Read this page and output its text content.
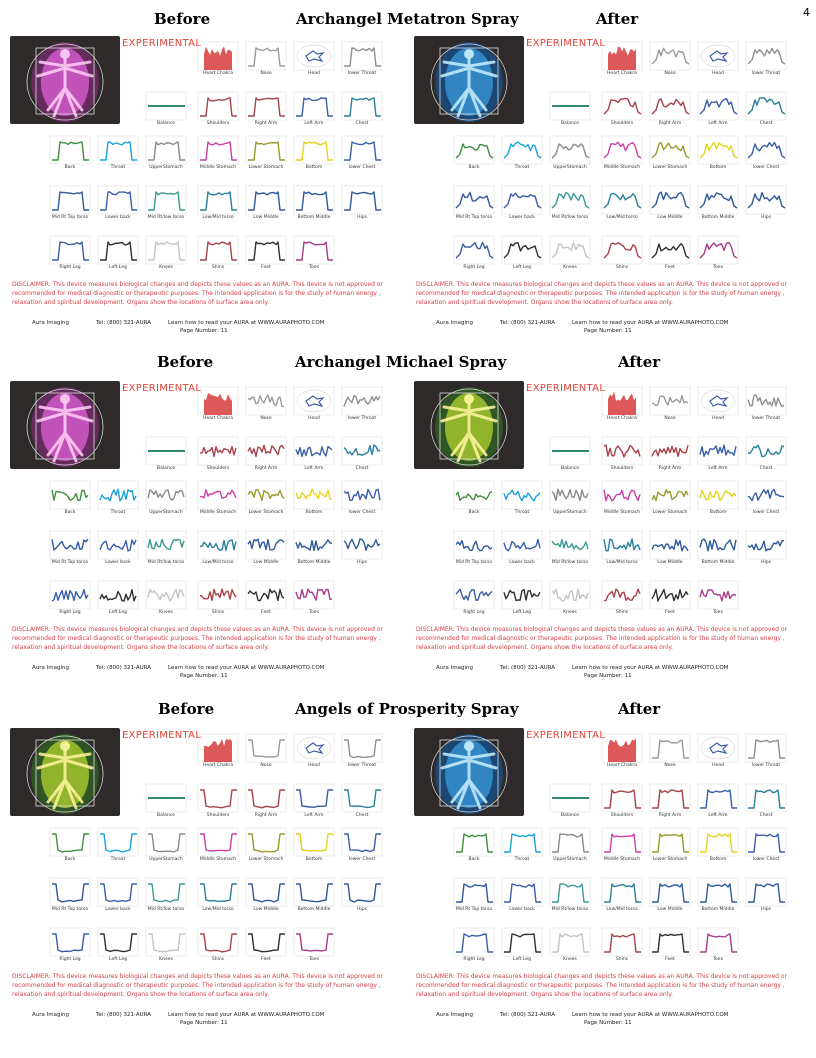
4
Before	Archangel Metatron Spray	After
Before	Archangel Michael Spray	After
Before	Angels of Prosperity Spray	After
EXPERIMENTAL
Heart Chakra	Nose	Head	lower Throat
Balance	Shoulders	Right Arm	Left Arm	Chest
Back	Throat	UpperStomach	Middle Stomach	Lower Stomach	Bottom	lower Chest
Mid Rt Top torso	Lower back	Mid Rt/low torso	Low/Mid torso	Low Middle	Bottom Middle	Hips
Right Leg	Left Leg	Knees	Shins	Feet	Toes
DISCLAIMER: This device measures biological changes and depicts these values as an AURA. This device is not approved or recommended for medical diagnostic or therapeutic purposes. The intended application is for the study of human energy , relaxation and spiritual development. Organs show the locations of surface area only.
Aura Imaging	Tel: (800) 321-AURA	Learn how to read your AURA at WWW.AURAPHOTO.COM
Page Number: 11
EXPERIMENTAL
Heart Chakra	Nose	Head	lower Throat
Balance	Shoulders	Right Arm	Left Arm	Chest
Back	Throat	UpperStomach	Middle Stomach	Lower Stomach	Bottom	lower Chest
Mid Rt Top torso	Lower back	Mid Rt/low torso	Low/Mid torso	Low Middle	Bottom Middle	Hips
Right Leg	Left Leg	Knees	Shins	Feet	Toes
DISCLAIMER: This device measures biological changes and depicts these values as an AURA. This device is not approved or recommended for medical diagnostic or therapeutic purposes. The intended application is for the study of human energy , relaxation and spiritual development. Organs show the locations of surface area only.
Aura Imaging	Tel: (800) 321-AURA	Learn how to read your AURA at WWW.AURAPHOTO.COM
Page Number: 11
EXPERIMENTAL
Heart Chakra	Nose	Head	lower Throat
Balance	Shoulders	Right Arm	Left Arm	Chest
Back	Throat	UpperStomach	Middle Stomach	Lower Stomach	Bottom	lower Chest
Mid Rt Top torso	Lower back	Mid Rt/low torso	Low/Mid torso	Low Middle	Bottom Middle	Hips
Right Leg	Left Leg	Knees	Shins	Feet	Toes
DISCLAIMER: This device measures biological changes and depicts these values as an AURA. This device is not approved or recommended for medical diagnostic or therapeutic purposes. The intended application is for the study of human energy , relaxation and spiritual development. Organs show the locations of surface area only.
Aura Imaging	Tel: (800) 321-AURA	Learn how to read your AURA at WWW.AURAPHOTO.COM
Page Number: 11
EXPERIMENTAL
Heart Chakra	Nose	Head	lower Throat
Balance	Shoulders	Right Arm	Left Arm	Chest
Back	Throat	UpperStomach	Middle Stomach	Lower Stomach	Bottom	lower Chest
Mid Rt Top torso	Lower back	Mid Rt/low torso	Low/Mid torso	Low Middle	Bottom Middle	Hips
Right Leg	Left Leg	Knees	Shins	Feet	Toes
DISCLAIMER: This device measures biological changes and depicts these values as an AURA. This device is not approved or recommended for medical diagnostic or therapeutic purposes. The intended application is for the study of human energy , relaxation and spiritual development. Organs show the locations of surface area only.
Aura Imaging	Tel: (800) 321-AURA	Learn how to read your AURA at WWW.AURAPHOTO.COM
Page Number: 11
EXPERIMENTAL
Heart Chakra	Nose	Head	lower Throat
Balance	Shoulders	Right Arm	Left Arm	Chest
Back	Throat	UpperStomach	Middle Stomach	Lower Stomach	Bottom	lower Chest
Mid Rt Top torso	Lower back	Mid Rt/low torso	Low/Mid torso	Low Middle	Bottom Middle	Hips
Right Leg	Left Leg	Knees	Shins	Feet	Toes
DISCLAIMER: This device measures biological changes and depicts these values as an AURA. This device is not approved or recommended for medical diagnostic or therapeutic purposes. The intended application is for the study of human energy , relaxation and spiritual development. Organs show the locations of surface area only.
Aura Imaging	Tel: (800) 321-AURA	Learn how to read your AURA at WWW.AURAPHOTO.COM
Page Number: 11
EXPERIMENTAL
Heart Chakra	Nose	Head	lower Throat
Balance	Shoulders	Right Arm	Left Arm	Chest
Back	Throat	UpperStomach	Middle Stomach	Lower Stomach	Bottom	lower Chest
Mid Rt Top torso	Lower back	Mid Rt/low torso	Low/Mid torso	Low Middle	Bottom Middle	Hips
Right Leg	Left Leg	Knees	Shins	Feet	Toes
DISCLAIMER: This device measures biological changes and depicts these values as an AURA. This device is not approved or recommended for medical diagnostic or therapeutic purposes. The intended application is for the study of human energy , relaxation and spiritual development. Organs show the locations of surface area only.
Aura Imaging	Tel: (800) 321-AURA	Learn how to read your AURA at WWW.AURAPHOTO.COM
Page Number: 11
